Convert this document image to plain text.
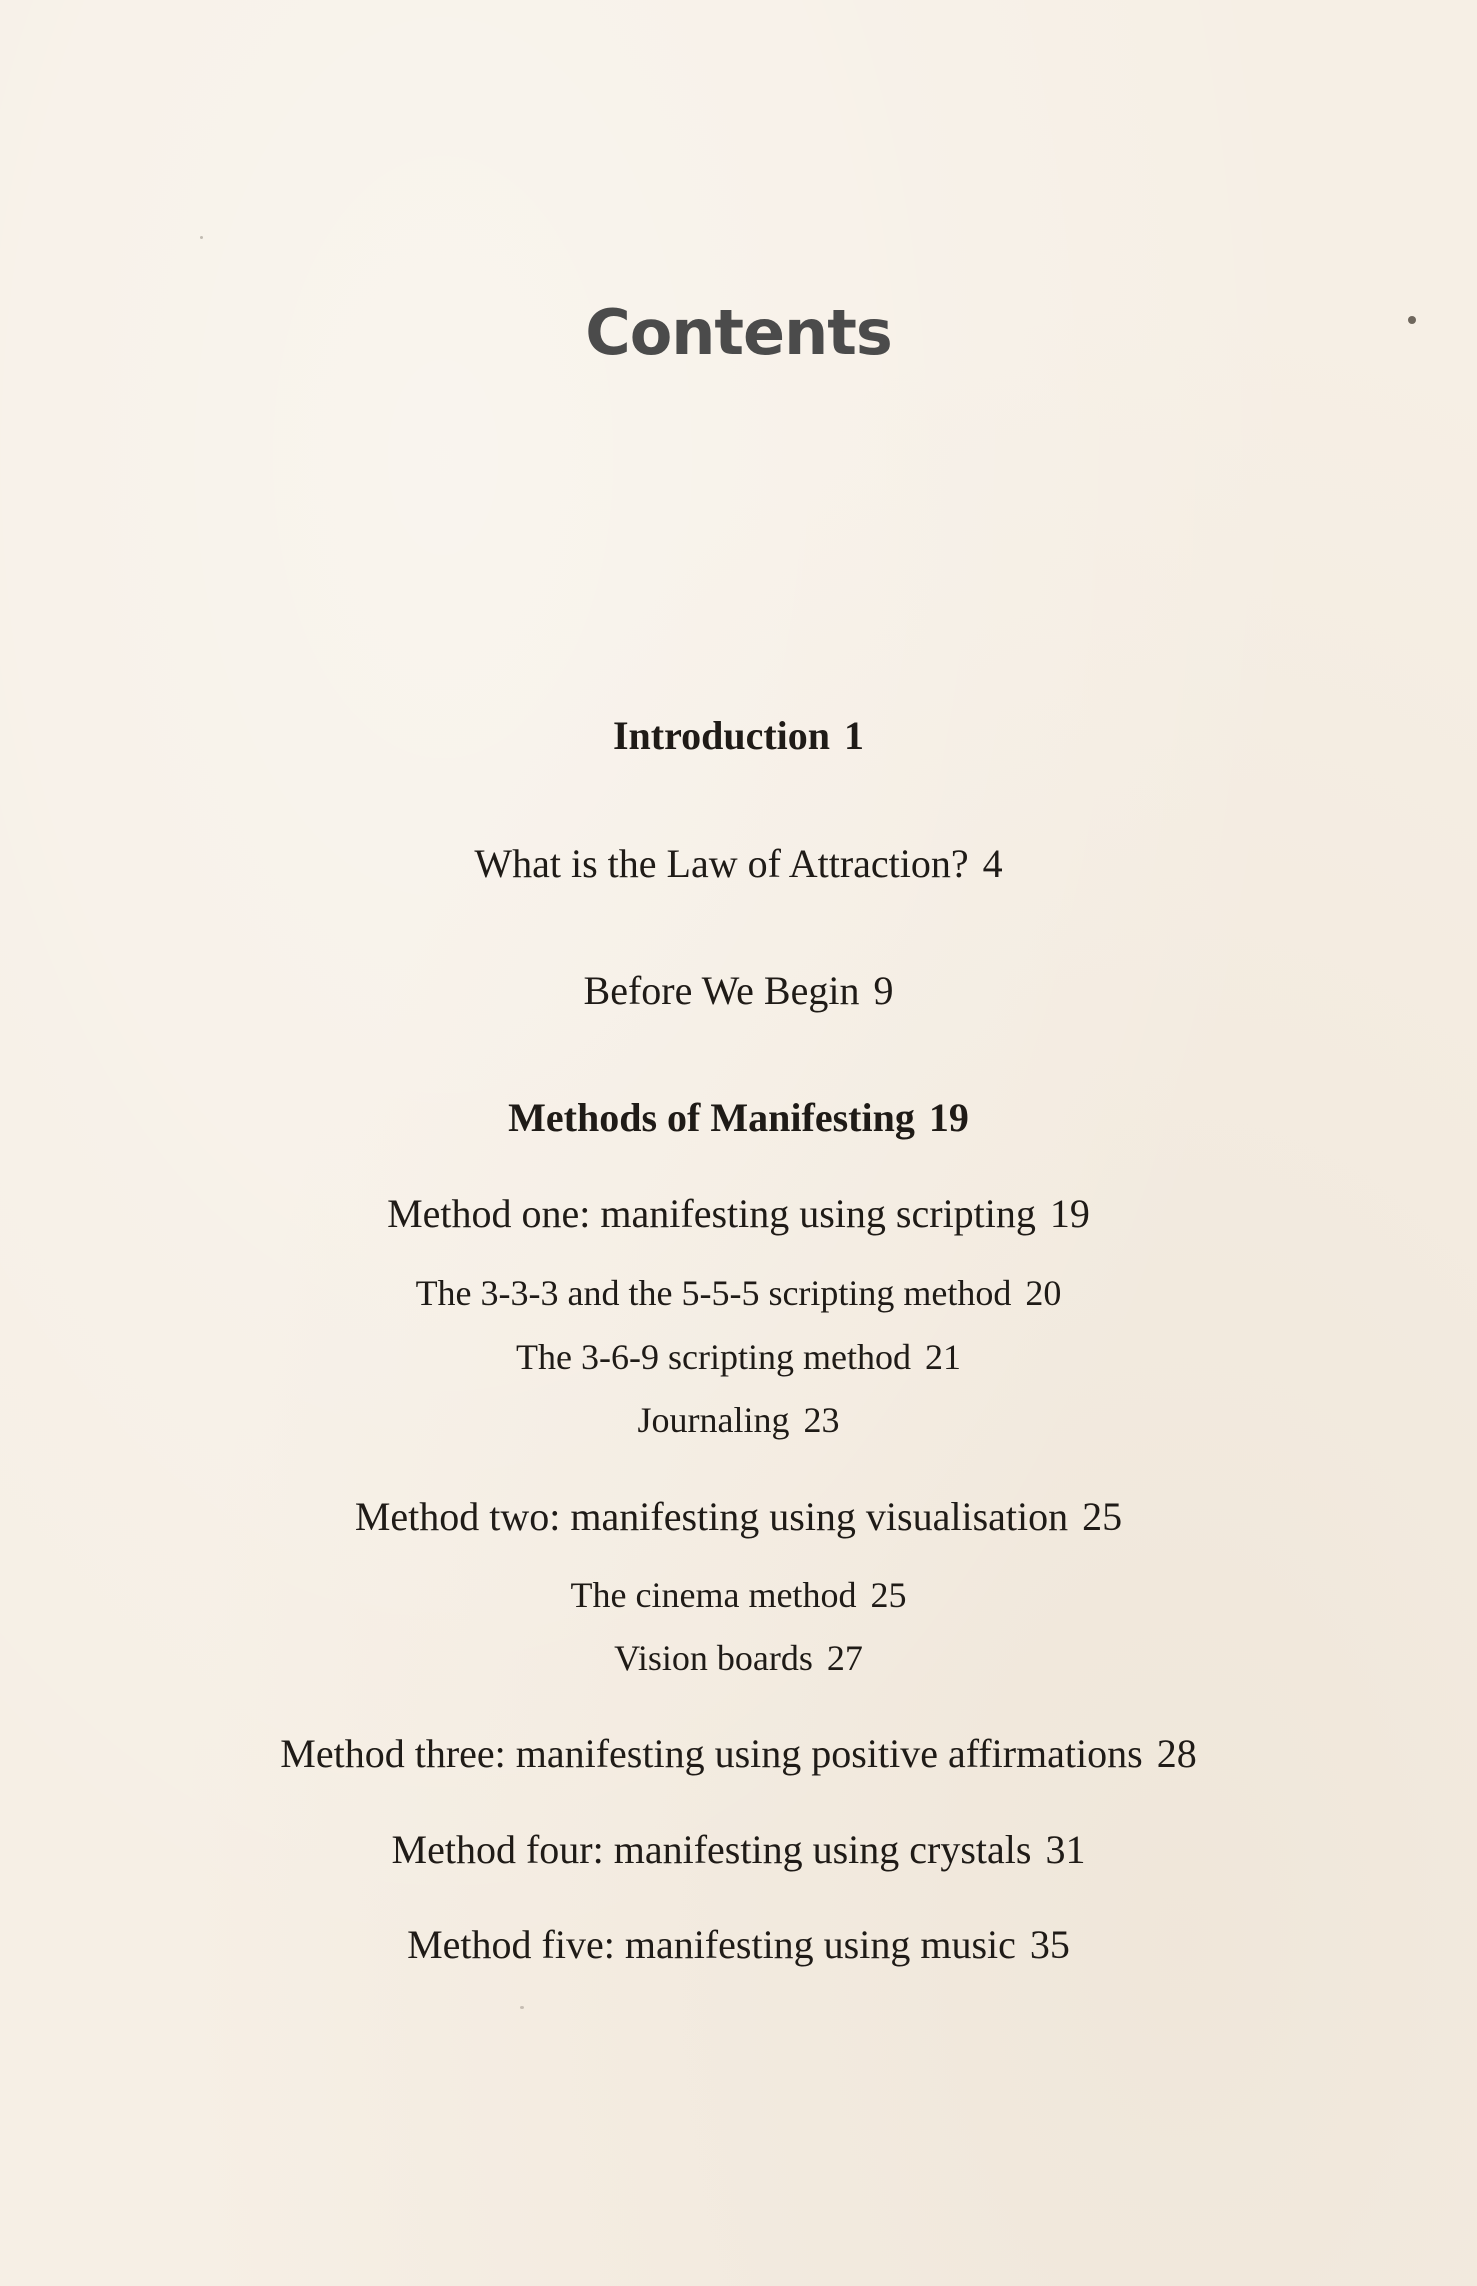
Contents
Introduction 1
What is the Law of Attraction? 4
Before We Begin 9
Methods of Manifesting 19
Method one: manifesting using scripting 19
The 3-3-3 and the 5-5-5 scripting method 20
The 3-6-9 scripting method 21
Journaling 23
Method two: manifesting using visualisation 25
The cinema method 25
Vision boards 27
Method three: manifesting using positive affirmations 28
Method four: manifesting using crystals 31
Method five: manifesting using music 35
